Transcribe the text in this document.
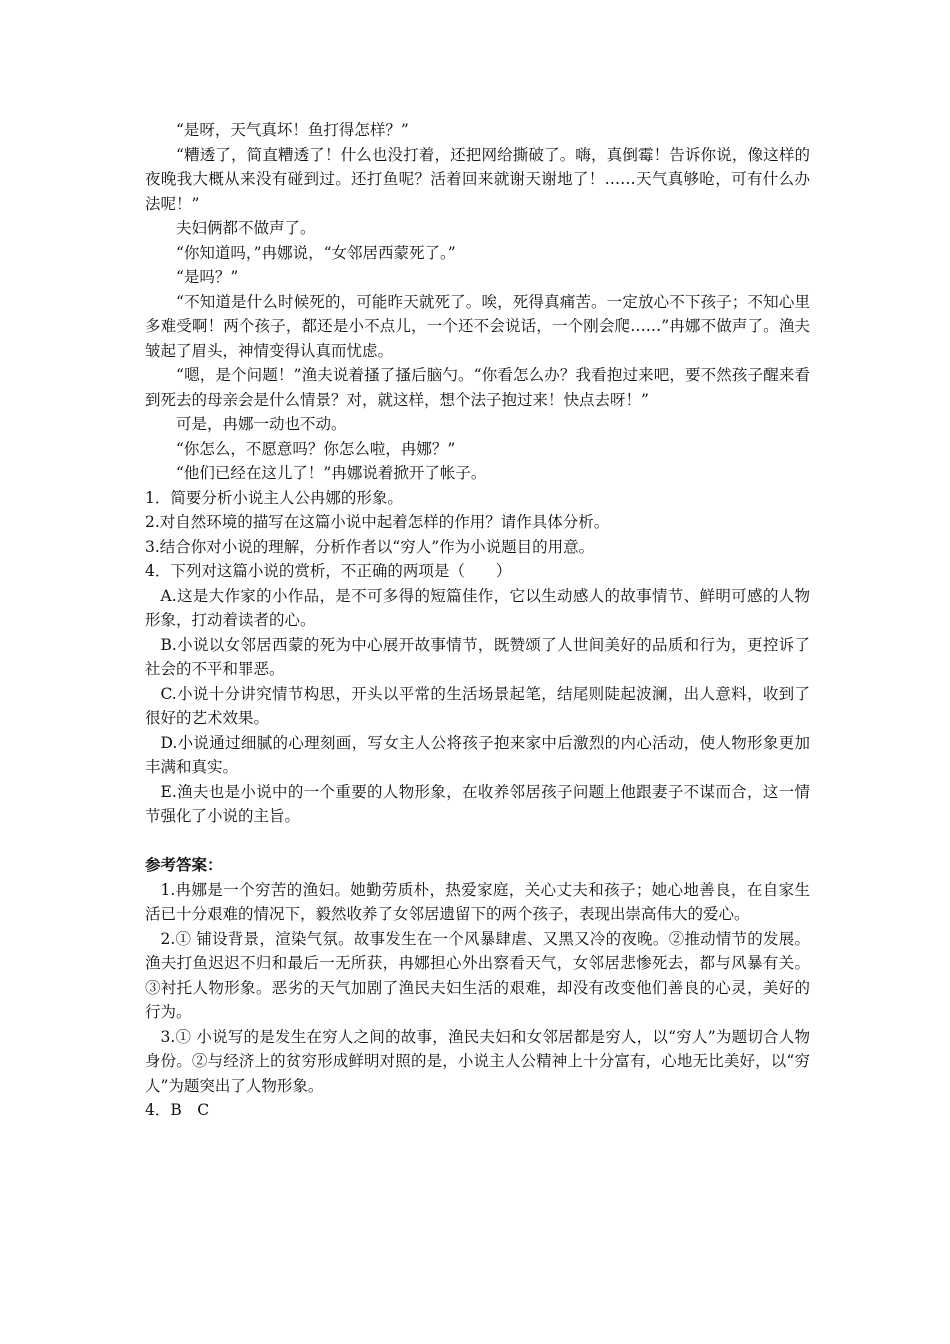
“是呀，天气真坏！鱼打得怎样？”

“糟透了，简直糟透了！什么也没打着，还把网给撕破了。嗨，真倒霉！告诉你说，像这样的夜晚我大概从来没有碰到过。还打鱼呢？活着回来就谢天谢地了！……天气真够呛，可有什么办法呢！”

夫妇俩都不做声了。

“你知道吗，”冉娜说，“女邻居西蒙死了。”

“是吗？”

“不知道是什么时候死的，可能昨天就死了。唉，死得真痛苦。一定放心不下孩子；不知心里多难受啊！两个孩子，都还是小不点儿，一个还不会说话，一个刚会爬……”冉娜不做声了。渔夫皱起了眉头，神情变得认真而忧虑。

“嗯，是个问题！”渔夫说着搔了搔后脑勺。“你看怎么办？我看抱过来吧，要不然孩子醒来看到死去的母亲会是什么情景？对，就这样，想个法子抱过来！快点去呀！”

可是，冉娜一动也不动。

“你怎么，不愿意吗？你怎么啦，冉娜？”

“他们已经在这儿了！”冉娜说着掀开了帐子。

1．简要分析小说主人公冉娜的形象。

2.对自然环境的描写在这篇小说中起着怎样的作用？请作具体分析。

3.结合你对小说的理解，分析作者以“穷人”作为小说题目的用意。

4．下列对这篇小说的赏析，不正确的两项是（　　）

A.这是大作家的小作品，是不可多得的短篇佳作，它以生动感人的故事情节、鲜明可感的人物形象，打动着读者的心。

B.小说以女邻居西蒙的死为中心展开故事情节，既赞颂了人世间美好的品质和行为，更控诉了社会的不平和罪恶。

C.小说十分讲究情节构思，开头以平常的生活场景起笔，结尾则陡起波澜，出人意料，收到了很好的艺术效果。

D.小说通过细腻的心理刻画，写女主人公将孩子抱来家中后激烈的内心活动，使人物形象更加丰满和真实。

E.渔夫也是小说中的一个重要的人物形象，在收养邻居孩子问题上他跟妻子不谋而合，这一情节强化了小说的主旨。

参考答案：

1.冉娜是一个穷苦的渔妇。她勤劳质朴，热爱家庭，关心丈夫和孩子；她心地善良，在自家生活已十分艰难的情况下，毅然收养了女邻居遗留下的两个孩子，表现出崇高伟大的爱心。

2.① 铺设背景，渲染气氛。故事发生在一个风暴肆虐、又黑又冷的夜晚。②推动情节的发展。渔夫打鱼迟迟不归和最后一无所获，冉娜担心外出察看天气，女邻居悲惨死去，都与风暴有关。③衬托人物形象。恶劣的天气加剧了渔民夫妇生活的艰难，却没有改变他们善良的心灵，美好的行为。

3.① 小说写的是发生在穷人之间的故事，渔民夫妇和女邻居都是穷人，以“穷人”为题切合人物身份。②与经济上的贫穷形成鲜明对照的是，小说主人公精神上十分富有，心地无比美好，以“穷人”为题突出了人物形象。

4．B　C
